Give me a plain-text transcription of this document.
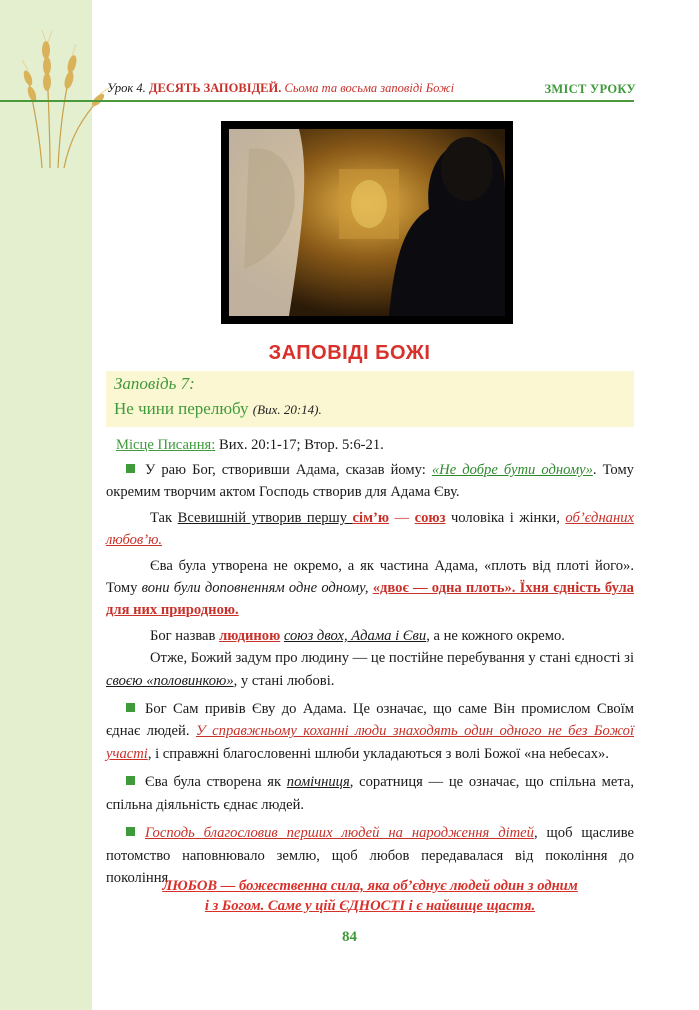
Урок 4. ДЕСЯТЬ ЗАПОВІДЕЙ. Сьома та восьма заповіді Божі	ЗМІСТ УРОКУ
ЗАПОВІДІ БОЖІ
Заповідь 7:
Не чини перелюбу (Вих. 20:14).

Місце Писання: Вих. 20:1-17; Втор. 5:6-21.

У раю Бог, створивши Адама, сказав йому: «Не добре бути одному». Тому окремим творчим актом Господь створив для Адама Єву.

Так Всевишній утворив першу сім’ю — союз чоловіка і жінки, об’єднаних любов’ю.

Єва була утворена не окремо, а як частина Адама, «плоть від плоті його». Тому вони були доповненням одне одному, «двоє — одна плоть». Їхня єдність була для них природною.

Бог назвав людиною союз двох, Адама і Єви, а не кожного окремо.

Отже, Божий задум про людину — це постійне перебування у стані єдності зі своєю «половинкою», у стані любові.

Бог Сам привів Єву до Адама. Це означає, що саме Він промислом Своїм єднає людей. У справжньому коханні люди знаходять один одного не без Божої участі, і справжні благословенні шлюби укладаються з волі Божої «на небесах».

Єва була створена як помічниця, соратниця — це означає, що спільна мета, спільна діяльність єднає людей.

Господь благословив перших людей на народження дітей, щоб щасливе потомство наповнювало землю, щоб любов передавалася від покоління до покоління.

ЛЮБОВ — божественна сила, яка об’єднує людей один з одним
і з Богом. Саме у цій ЄДНОСТІ і є найвище щастя.
84
